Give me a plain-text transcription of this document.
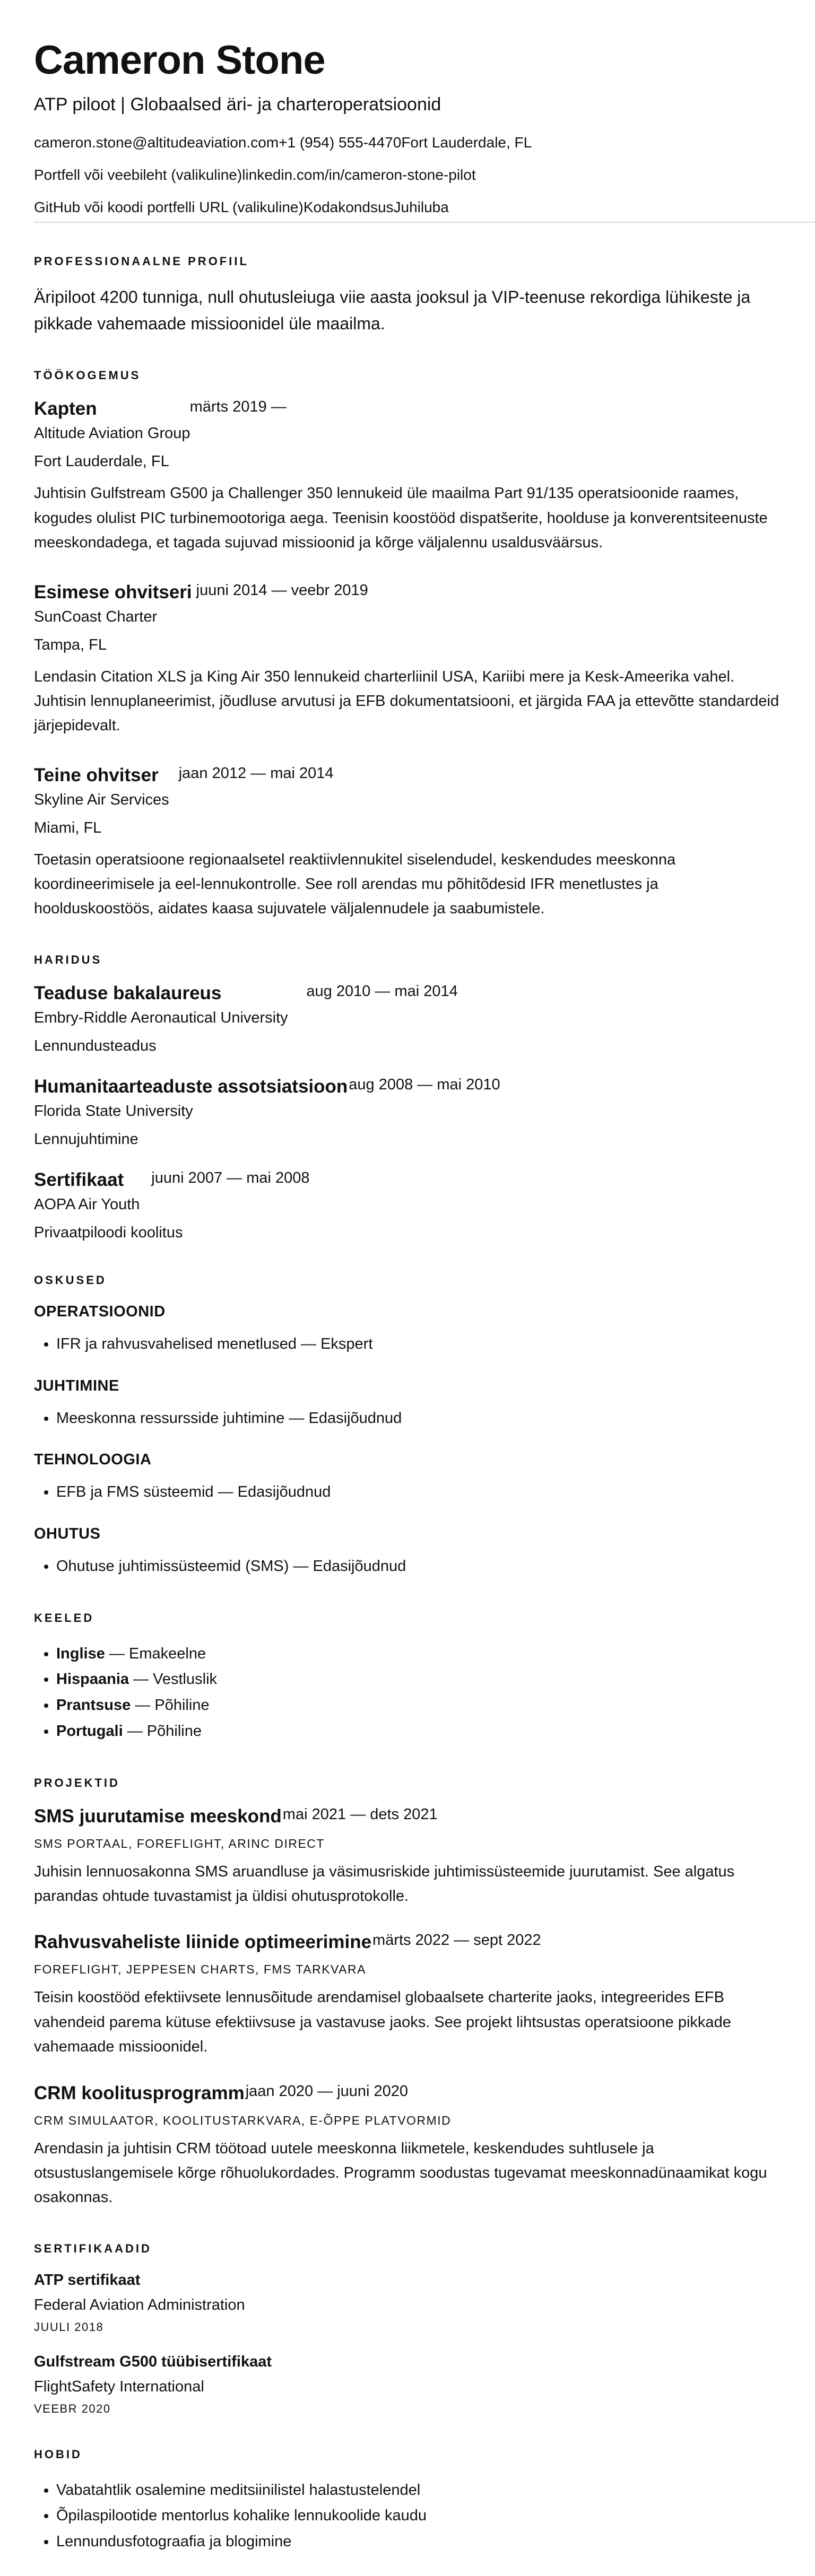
Cameron Stone
ATP piloot | Globaalsed äri- ja charteroperatsioonid
cameron.stone@altitudeaviation.com+1 (954) 555-4470Fort Lauderdale, FL
Portfell või veebileht (valikuline)linkedin.com/in/cameron-stone-pilot
GitHub või koodi portfelli URL (valikuline)KodakondsusJuhiluba
PROFESSIONAALNE PROFIIL

Äripiloot 4200 tunniga, null ohutusleiuga viie aasta jooksul ja VIP-teenuse rekordiga lühikeste ja pikkade vahemaade missioonidel üle maailma.

TÖÖKOGEMUS
Kapten	märts 2019 —

Altitude Aviation Group

Fort Lauderdale, FL

Juhtisin Gulfstream G500 ja Challenger 350 lennukeid üle maailma Part 91/135 operatsioonide raames, kogudes olulist PIC turbinemootoriga aega. Teenisin koostööd dispatšerite, hoolduse ja konverentsiteenuste meeskondadega, et tagada sujuvad missioonid ja kõrge väljalennu usaldusväärsus.

Esimese ohvitseri juuni 2014 — veebr 2019

SunCoast Charter

Tampa, FL

Lendasin Citation XLS ja King Air 350 lennukeid charterliinil USA, Kariibi mere ja Kesk-Ameerika vahel. Juhtisin lennuplaneerimist, jõudluse arvutusi ja EFB dokumentatsiooni, et järgida FAA ja ettevõtte standardeid järjepidevalt.

Teine ohvitser jaan 2012 — mai 2014

Skyline Air Services

Miami, FL

Toetasin operatsioone regionaalsetel reaktiivlennukitel siselendudel, keskendudes meeskonna koordineerimisele ja eel-lennukontrolle. See roll arendas mu põhitõdesid IFR menetlustes ja hoolduskoostöös, aidates kaasa sujuvatele väljalennudele ja saabumistele.

HARIDUS
Teaduse bakalaureus	aug 2010 — mai 2014

Embry-Riddle Aeronautical University

Lennundusteadus

Humanitaarteaduste assotsiatsioon aug 2008 — mai 2010

Florida State University

Lennujuhtimine

Sertifikaat juuni 2007 — mai 2008

AOPA Air Youth

Privaatpiloodi koolitus

OSKUSED

OPERATSIOONID

• IFR ja rahvusvahelised menetlused — Ekspert

JUHTIMINE

• Meeskonna ressursside juhtimine — Edasijõudnud

TEHNOLOOGIA

• EFB ja FMS süsteemid — Edasijõudnud

OHUTUS

• Ohutuse juhtimissüsteemid (SMS) — Edasijõudnud
KEELED
• Inglise — Emakeelne
• Hispaania — Vestluslik
• Prantsuse — Põhiline
• Portugali — Põhiline
PROJEKTID
SMS juurutamise meeskond mai 2021 — dets 2021

SMS PORTAAL, FOREFLIGHT, ARINC DIRECT

Juhisin lennuosakonna SMS aruandluse ja väsimusriskide juhtimissüsteemide juurutamist. See algatus parandas ohtude tuvastamist ja üldisi ohutusprotokolle.

Rahvusvaheliste liinide optimeerimine märts 2022 — sept 2022

FOREFLIGHT, JEPPESEN CHARTS, FMS TARKVARA

Teisin koostööd efektiivsete lennusõitude arendamisel globaalsete charterite jaoks, integreerides EFB vahendeid parema kütuse efektiivsuse ja vastavuse jaoks. See projekt lihtsustas operatsioone pikkade vahemaade missioonidel.

CRM koolitusprogramm jaan 2020 — juuni 2020

CRM SIMULAATOR, KOOLITUSTARKVARA, E-ÕPPE PLATVORMID

Arendasin ja juhtisin CRM töötoad uutele meeskonna liikmetele, keskendudes suhtlusele ja otsustuslangemisele kõrge rõhuolukordades. Programm soodustas tugevamat meeskonnadünaamikat kogu osakonnas.

SERTIFIKAADID

ATP sertifikaat

Federal Aviation Administration

JUULI 2018

Gulfstream G500 tüübisertifikaat

FlightSafety International

VEEBR 2020

HOBID
• Vabatahtlik osalemine meditsiinilistel halastustelendel
• Õpilaspilootide mentorlus kohalike lennukoolide kaudu
• Lennundusfotograafia ja blogimine
